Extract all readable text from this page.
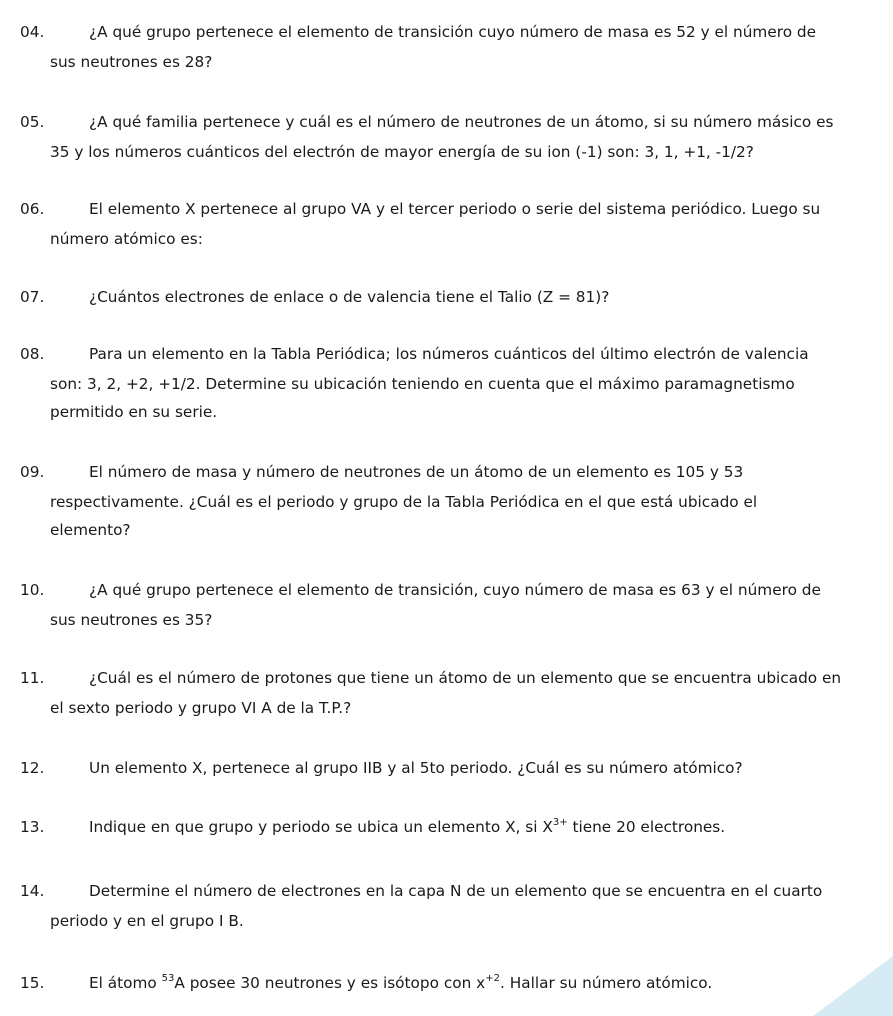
04.	¿A qué grupo pertenece el elemento de transición cuyo número de masa es 52 y el número de
sus neutrones es 28?
05.	¿A qué familia pertenece y cuál es el número de neutrones de un átomo, si su número másico es
35 y los números cuánticos del electrón de mayor energía de su ion (-1) son: 3, 1, +1, -1/2?
06.	El elemento X pertenece al grupo VA y el tercer periodo o serie del sistema periódico. Luego su
número atómico es:
07.	¿Cuántos electrones de enlace o de valencia tiene el Talio (Z = 81)?
08.	Para un elemento en la Tabla Periódica; los números cuánticos del último electrón de valencia
son: 3, 2, +2, +1/2. Determine su ubicación teniendo en cuenta que el máximo paramagnetismo
permitido en su serie.
09.	El número de masa y número de neutrones de un átomo de un elemento es 105 y 53
respectivamente. ¿Cuál es el periodo y grupo de la Tabla Periódica en el que está ubicado el
elemento?
10.	¿A qué grupo pertenece el elemento de transición, cuyo número de masa es 63 y el número de
sus neutrones es 35?
11.	¿Cuál es el número de protones que tiene un átomo de un elemento que se encuentra ubicado en
el sexto periodo y grupo VI A de la T.P.?
12.	Un elemento X, pertenece al grupo IIB y al 5to periodo. ¿Cuál es su número atómico?
13.	Indique en que grupo y periodo se ubica un elemento X, si $X^{3+}$ tiene 20 electrones.
14.	Determine el número de electrones en la capa N de un elemento que se encuentra en el cuarto
periodo y en el grupo I B.
15.	El átomo $^{53}$A posee 30 neutrones y es isótopo con $x^{+2}$. Hallar su número atómico.
